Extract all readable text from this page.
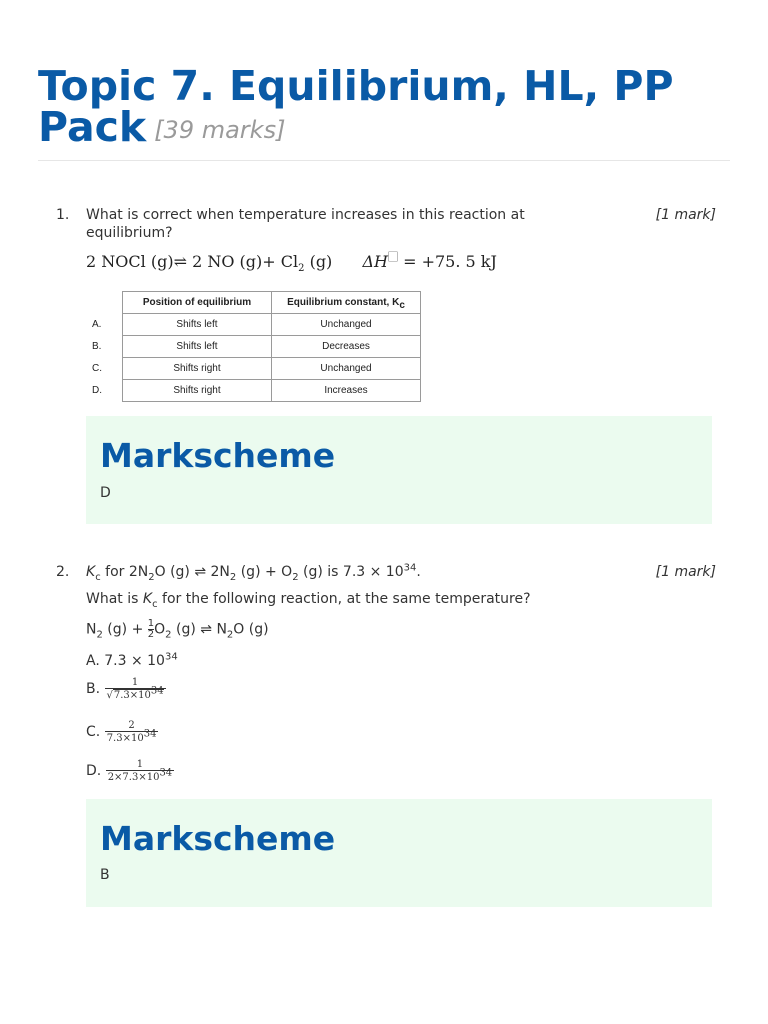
Topic 7. Equilibrium, HL, PP
Pack [39 marks]
1. What is correct when temperature increases in this reaction at equilibrium?
[1 mark]
2 NOCl (g)⇌ 2 NO $(g)+ Cl_2$ (g) ΔH⃞ = +75. 5 kJ
	Position of equilibrium	Equilibrium constant, $K_c$
A.	Shifts left	Unchanged
B.	Shifts left	Decreases
C.	Shifts right	Unchanged
D.	Shifts right	Increases
Markscheme
D
2. $K_c$ for $2N_2O$ (g) ⇌ $2N_2$ $(g) + O_2$ (g) is $7.3 \times 10^{34}$.	[1 mark]
What is $K_c$ for the following reaction, at the same temperature?
$N_2$ $(g) + \frac{1}{2} O_2$ (g) ⇌ $N_2O$ (g)
A. $7.3 \times 10^{34}$
B. $\frac{1}{√7.3\times 10^{34}}$
C. $\frac{2}{7.3\times 10^{34}}$
D. $\frac{1}{2\times 7.3\times 10^{34}}$
Markscheme
B
